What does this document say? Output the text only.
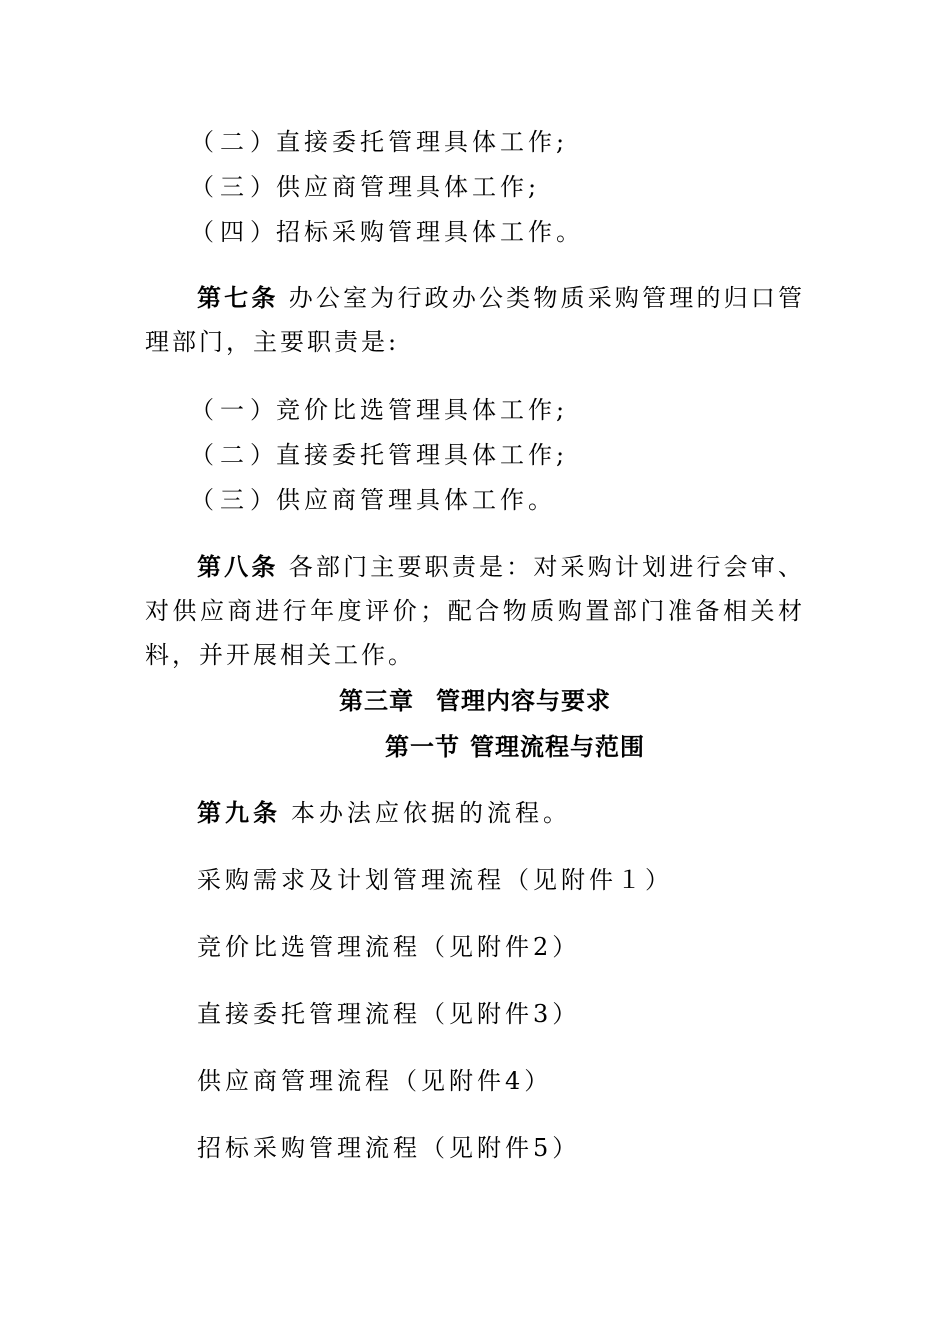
（二）直接委托管理具体工作;
（三）供应商管理具体工作;
（四）招标采购管理具体工作。
第七条 办公室为行政办公类物质采购管理的归口管理部门，主要职责是:
（一）竞价比选管理具体工作;
（二）直接委托管理具体工作;
（三）供应商管理具体工作。
第八条 各部门主要职责是：对采购计划进行会审、对供应商进行年度评价；配合物质购置部门准备相关材料，并开展相关工作。
第三章 管理内容与要求
第一节 管理流程与范围
第九条 本办法应依据的流程。
采购需求及计划管理流程（见附件１）
竞价比选管理流程（见附件2）
直接委托管理流程（见附件3）
供应商管理流程（见附件4）
招标采购管理流程（见附件5）
